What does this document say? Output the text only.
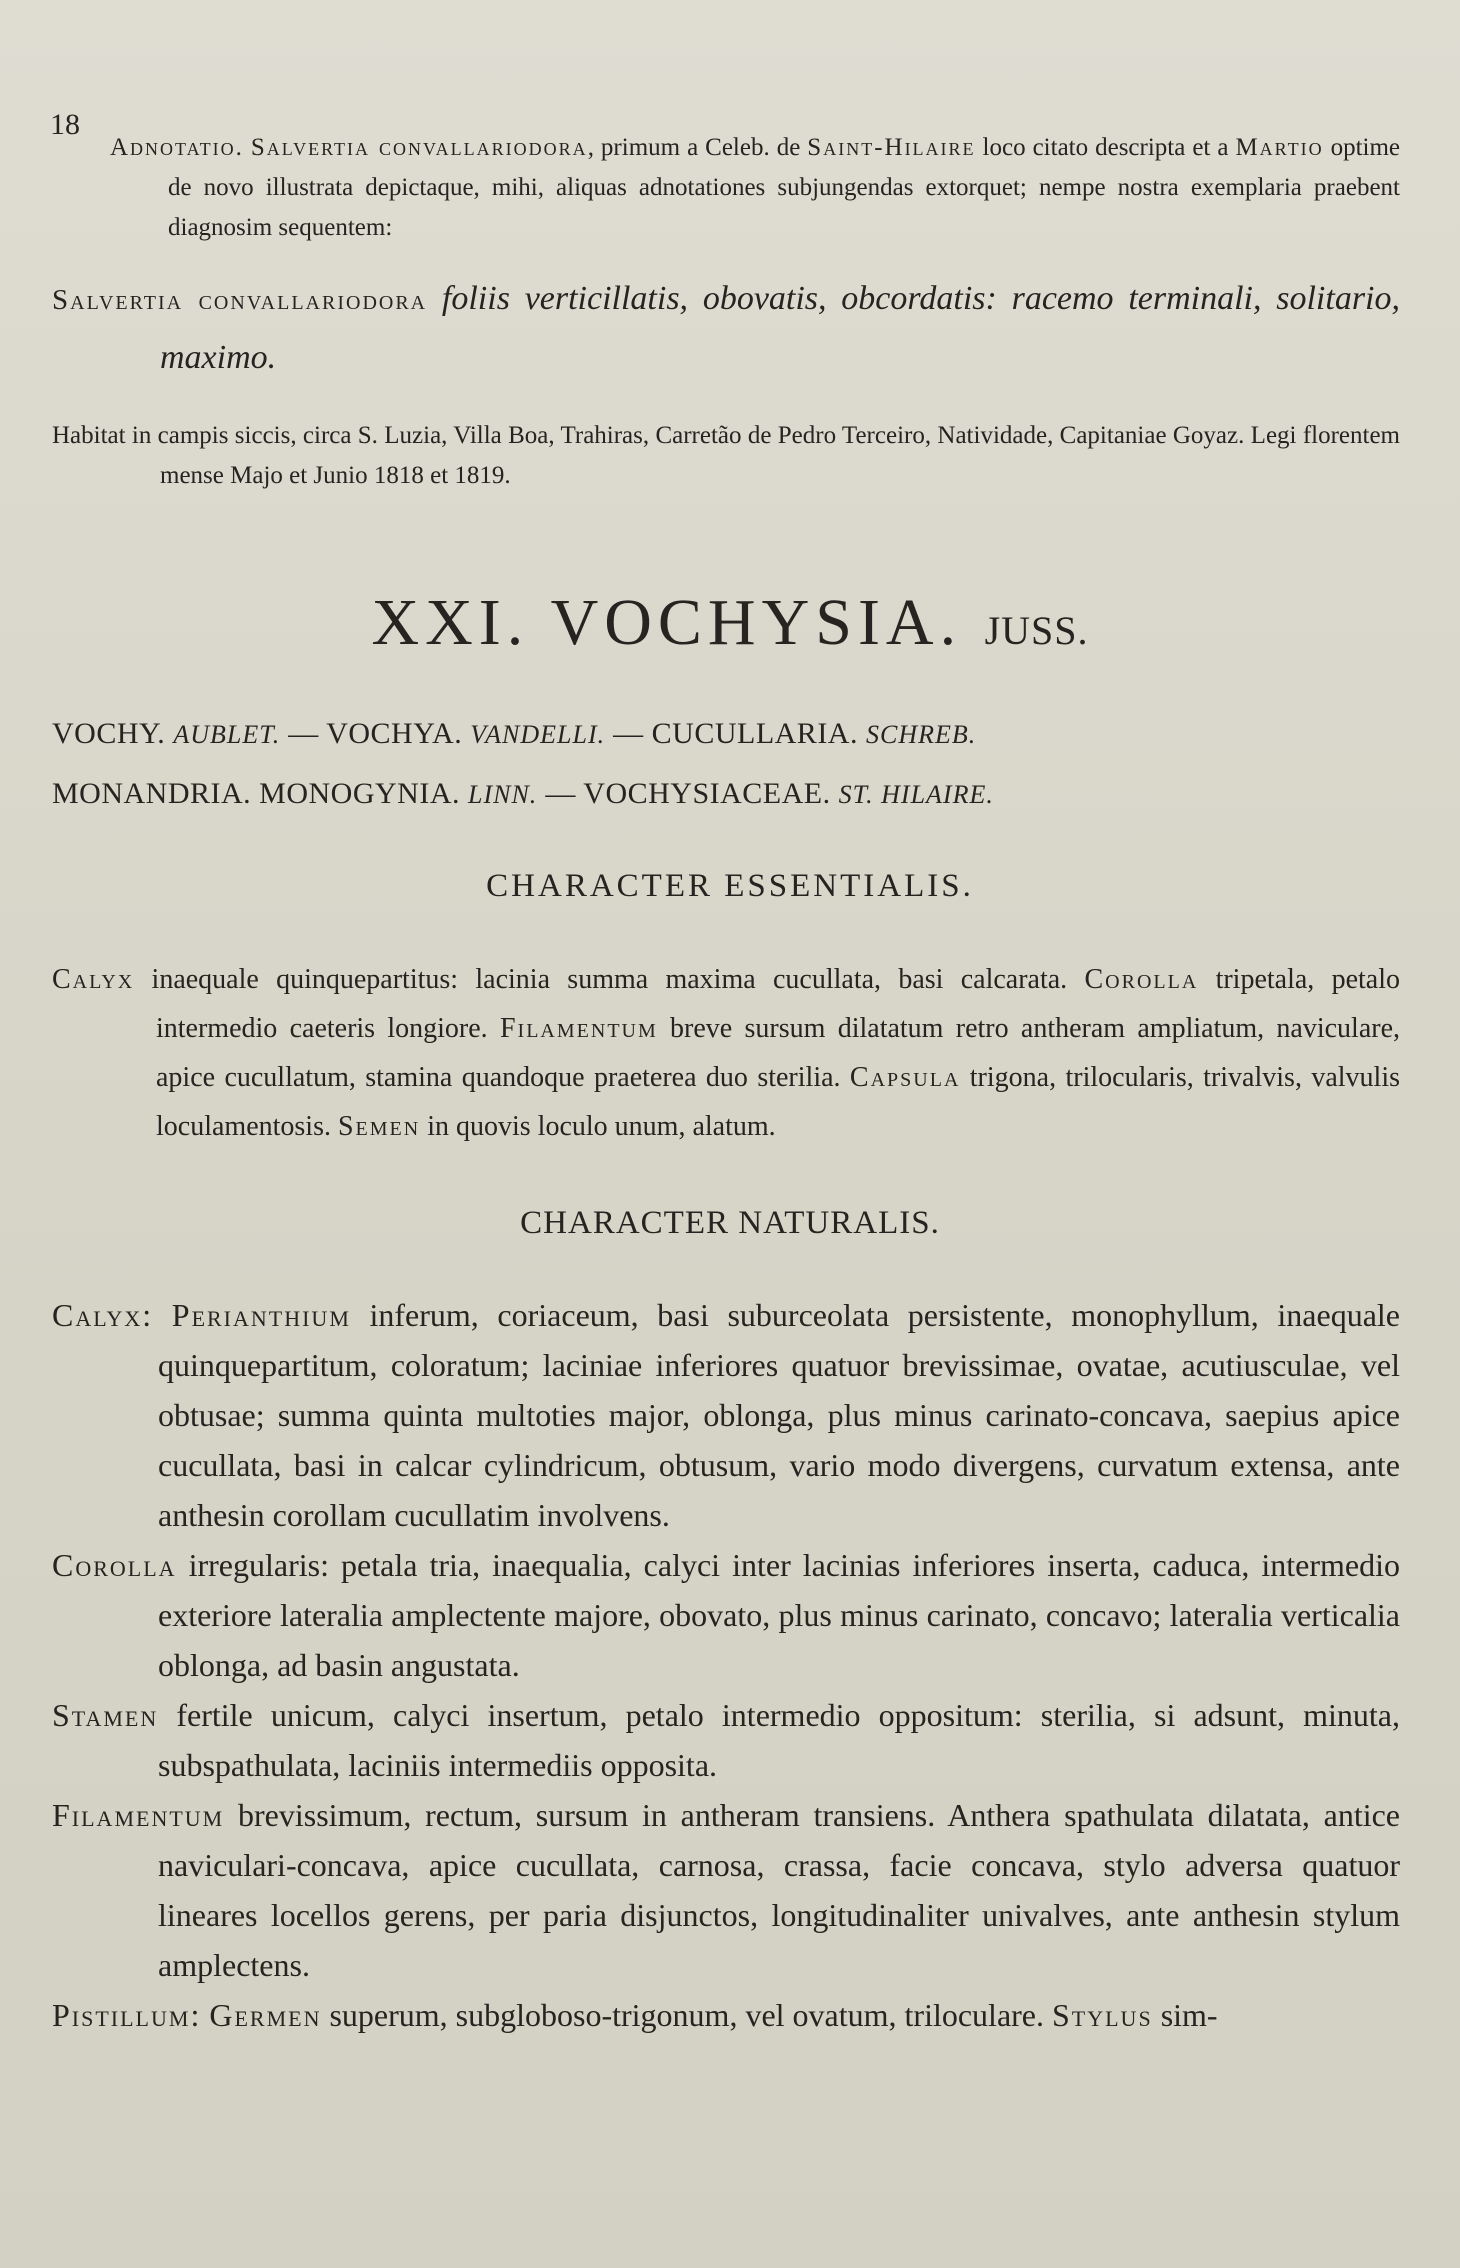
18

Adnotatio. Salvertia convallariodora, primum a Celeb. de Saint-Hilaire loco citato descripta et a Martio optime de novo illustrata depictaque, mihi, aliquas adnotationes subjungendas extorquet; nempe nostra exemplaria praebent diagnosim sequentem:

Salvertia convallariodora foliis verticillatis, obovatis, obcordatis: racemo terminali, solitario, maximo.

Habitat in campis siccis, circa S. Luzia, Villa Boa, Trahiras, Carretão de Pedro Terceiro, Natividade, Capitaniae Goyaz. Legi florentem mense Majo et Junio 1818 et 1819.

XXI. VOCHYSIA. JUSS.
VOCHY. AUBLET. — VOCHYA. VANDELLI. — CUCULLARIA. SCHREB.
MONANDRIA. MONOGYNIA. LINN. — VOCHYSIACEAE. ST. HILAIRE.
CHARACTER ESSENTIALIS.

Calyx inaequale quinquepartitus: lacinia summa maxima cucullata, basi calcarata. Corolla tripetala, petalo intermedio caeteris longiore. Filamentum breve sursum dilatatum retro antheram ampliatum, naviculare, apice cucullatum, stamina quandoque praeterea duo sterilia. Capsula trigona, trilocularis, trivalvis, valvulis loculamentosis. Semen in quovis loculo unum, alatum.

CHARACTER NATURALIS.

Calyx: Perianthium inferum, coriaceum, basi suburceolata persistente, monophyllum, inaequale quinquepartitum, coloratum; laciniae inferiores quatuor brevissimae, ovatae, acutiusculae, vel obtusae; summa quinta multoties major, oblonga, plus minus carinato-concava, saepius apice cucullata, basi in calcar cylindricum, obtusum, vario modo divergens, curvatum extensa, ante anthesin corollam cucullatim involvens.

Corolla irregularis: petala tria, inaequalia, calyci inter lacinias inferiores inserta, caduca, intermedio exteriore lateralia amplectente majore, obovato, plus minus carinato, concavo; lateralia verticalia oblonga, ad basin angustata.

Stamen fertile unicum, calyci insertum, petalo intermedio oppositum: sterilia, si adsunt, minuta, subspathulata, laciniis intermediis opposita.

Filamentum brevissimum, rectum, sursum in antheram transiens. Anthera spathulata dilatata, antice naviculari-concava, apice cucullata, carnosa, crassa, facie concava, stylo adversa quatuor lineares locellos gerens, per paria disjunctos, longitudinaliter univalves, ante anthesin stylum amplectens.

Pistillum: Germen superum, subgloboso-trigonum, vel ovatum, triloculare. Stylus sim-
